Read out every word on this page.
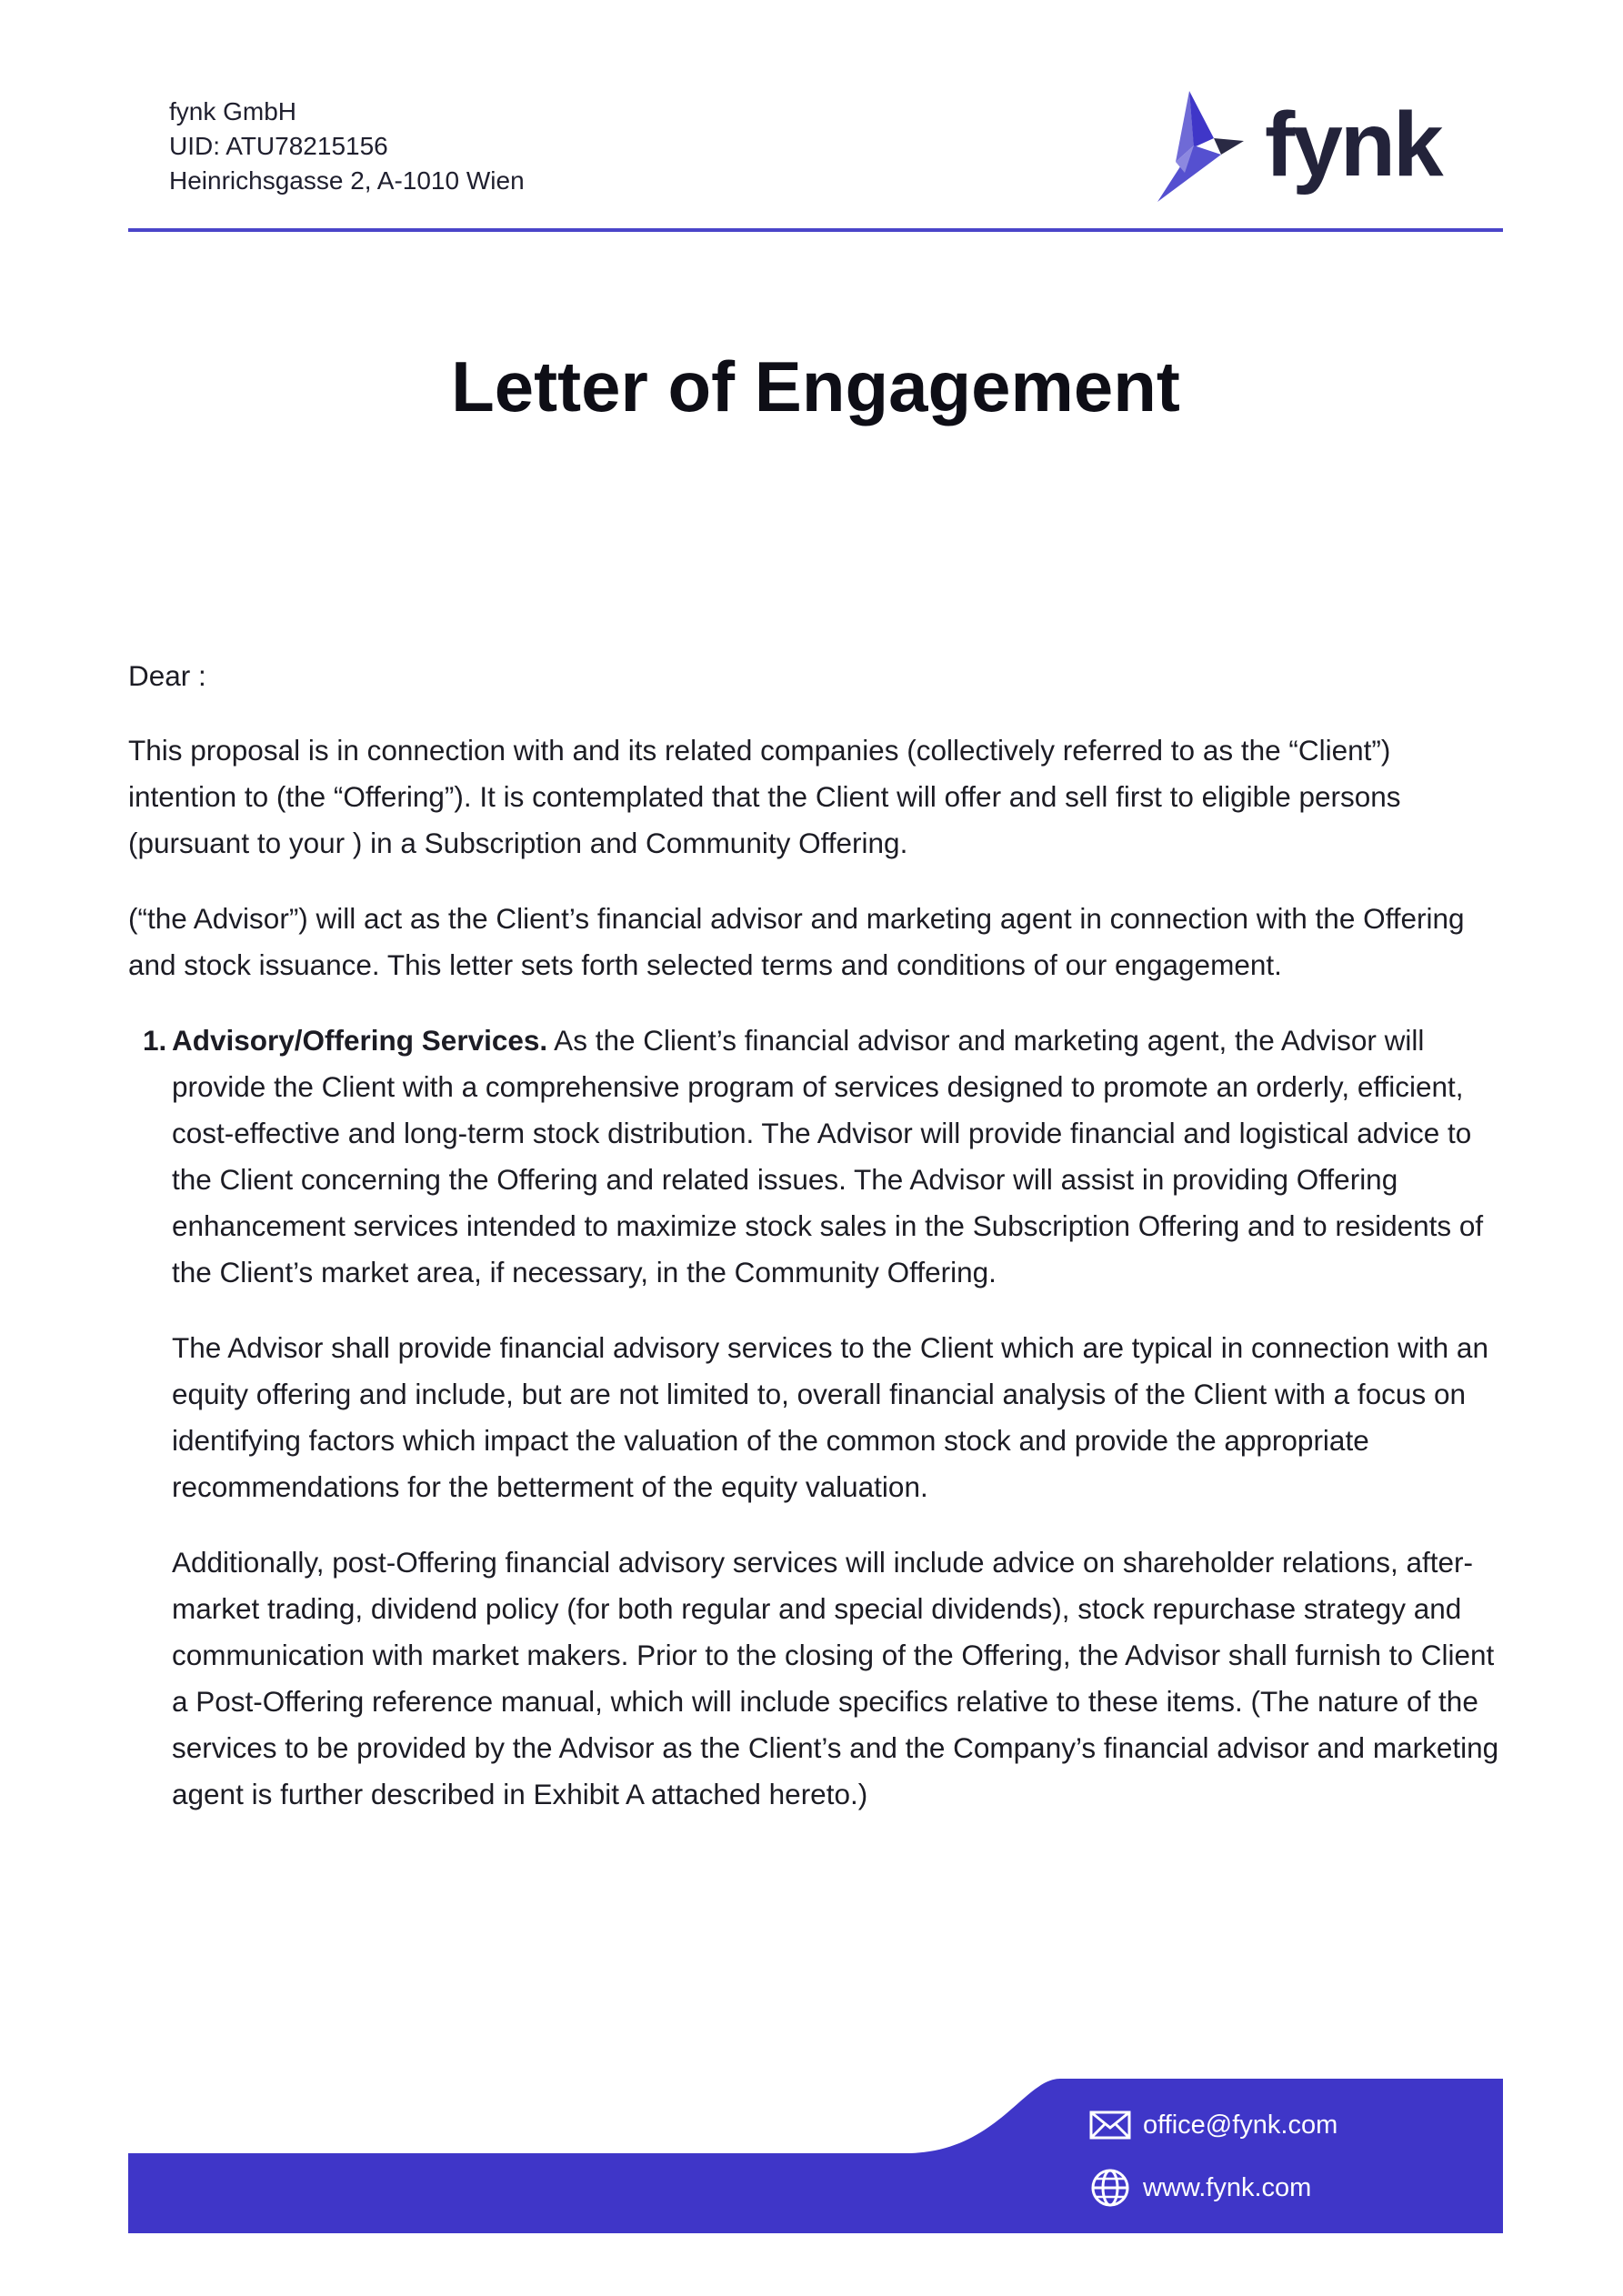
fynk GmbH
UID: ATU78215156
Heinrichsgasse 2, A-1010 Wien	fynk
Letter of Engagement

Dear :

This proposal is in connection with and its related companies (collectively referred to as the “Client”) intention to (the “Offering”). It is contemplated that the Client will offer and sell first to eligible persons (pursuant to your ) in a Subscription and Community Offering.

(“the Advisor”) will act as the Client’s financial advisor and marketing agent in connection with the Offering and stock issuance. This letter sets forth selected terms and conditions of our engagement.

1. Advisory/Offering Services. As the Client’s financial advisor and marketing agent, the Advisor will provide the Client with a comprehensive program of services designed to promote an orderly, efficient, cost-effective and long-term stock distribution. The Advisor will provide financial and logistical advice to the Client concerning the Offering and related issues. The Advisor will assist in providing Offering enhancement services intended to maximize stock sales in the Subscription Offering and to residents of the Client’s market area, if necessary, in the Community Offering.

The Advisor shall provide financial advisory services to the Client which are typical in connection with an equity offering and include, but are not limited to, overall financial analysis of the Client with a focus on identifying factors which impact the valuation of the common stock and provide the appropriate recommendations for the betterment of the equity valuation.

Additionally, post-Offering financial advisory services will include advice on shareholder relations, after-market trading, dividend policy (for both regular and special dividends), stock repurchase strategy and communication with market makers. Prior to the closing of the Offering, the Advisor shall furnish to Client a Post-Offering reference manual, which will include specifics relative to these items. (The nature of the services to be provided by the Advisor as the Client’s and the Company’s financial advisor and marketing agent is further described in Exhibit A attached hereto.)

office@fynk.com
www.fynk.com
